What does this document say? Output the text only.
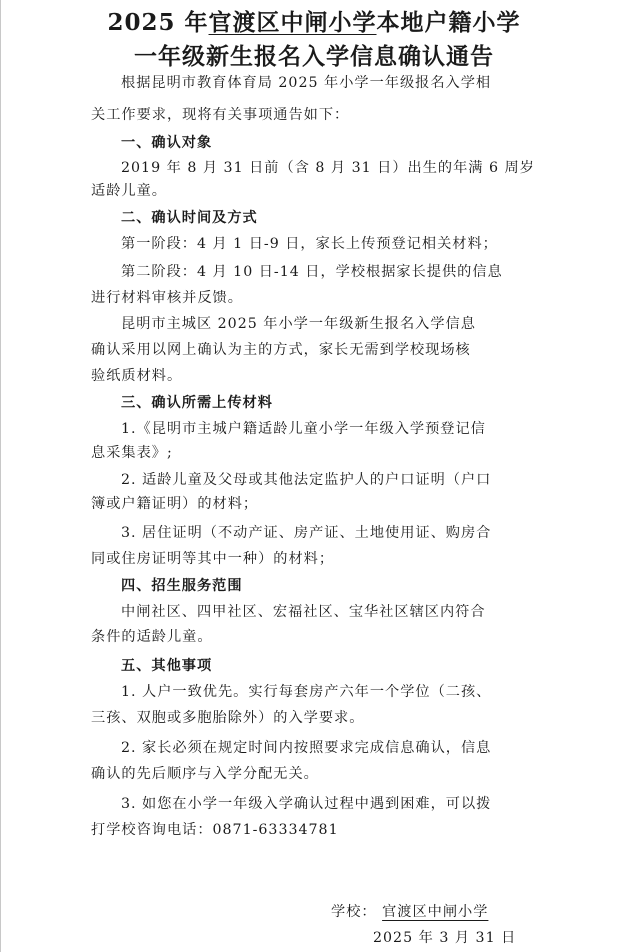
2025 年官渡区中闸小学本地户籍小学
一年级新生报名入学信息确认通告
根据昆明市教育体育局 2025 年小学一年级报名入学相
关工作要求，现将有关事项通告如下：
一、确认对象
2019 年 8 月 31 日前（含 8 月 31 日）出生的年满 6 周岁
适龄儿童。
二、确认时间及方式
第一阶段：4 月 1 日-9 日，家长上传预登记相关材料；
第二阶段：4 月 10 日-14 日，学校根据家长提供的信息
进行材料审核并反馈。
昆明市主城区 2025 年小学一年级新生报名入学信息
确认采用以网上确认为主的方式，家长无需到学校现场核
验纸质材料。
三、确认所需上传材料
1.《昆明市主城户籍适龄儿童小学一年级入学预登记信
息采集表》;
2. 适龄儿童及父母或其他法定监护人的户口证明（户口
簿或户籍证明）的材料；
3. 居住证明（不动产证、房产证、土地使用证、购房合
同或住房证明等其中一种）的材料；
四、招生服务范围
中闸社区、四甲社区、宏福社区、宝华社区辖区内符合
条件的适龄儿童。
五、其他事项
1. 人户一致优先。实行每套房产六年一个学位（二孩、
三孩、双胞或多胞胎除外）的入学要求。
2. 家长必须在规定时间内按照要求完成信息确认，信息
确认的先后顺序与入学分配无关。
3. 如您在小学一年级入学确认过程中遇到困难，可以拨
打学校咨询电话：0871-63334781
学校： 官渡区中闸小学
2025 年 3 月 31 日
